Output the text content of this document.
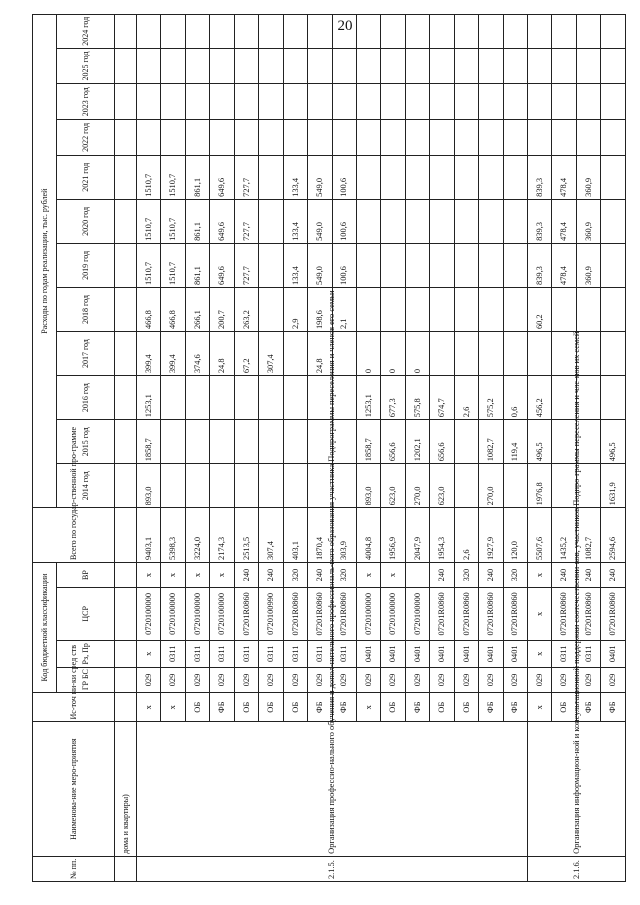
20
№ пп.	Наименова-ние меро-приятия	Ис-точ ни-ки сред ств	Код бюджетной классификации				Всего по государ-ственной про-грамме	Расходы по годам реализации, тыс. рублей											
			ГР БС	Рз, Пр	ЦСР	ВР		2014 год	2015 год	2016 год	2017 год	2018 год	2019 год	2020 год	2021 год	2022 год	2023 год	2025 год	2024 год
	дома и квартиры)																		
2.1.5.	Организация профессио-нального обучения и допол-нительного профессиональ-ного образования участника Подпрограммы переселения и членов его семьи	х	029	х	0720100000	х	9403,1	893,0	1858,7	1253,1	399,4	466,8	1510,7	1510,7	1510,7				
		х	029	0311	0720100000	х	5398,3				399,4	466,8	1510,7	1510,7	1510,7				
		ОБ	029	0311	0720100000	х	3224,0				374,6	266,1	861,1	861,1	861,1				
		ФБ	029	0311	0720100000	х	2174,3				24,8	200,7	649,6	649,6	649,6				
		ОБ	029	0311	07201R0860	240	2513,5				67,2	263,2	727,7	727,7	727,7				
		ОБ	029	0311	0720100990	240	307,4				307,4								
		ОБ	029	0311	07201R0860	320	403,1					2,9	133,4	133,4	133,4				
		ФБ	029	0311	07201R0860	240	1870,4				24,8	198,6	549,0	549,0	549,0				
		ФБ	029	0311	07201R0860	320	303,9					2,1	100,6	100,6	100,6				
		х	029	0401	0720100000	х	4004,8	893,0	1858,7	1253,1	0								
		ОБ	029	0401	0720100000	х	1956,9	623,0	656,6	677,3	0								
		ФБ	029	0401	0720100000		2047,9	270,0	1202,1	575,8	0								
		ОБ	029	0401	07201R0860	240	1954,3	623,0	656,6	674,7									
		ОБ	029	0401	07201R0860	320	2,6			2,6									
		ФБ	029	0401	07201R0860	240	1927,9	270,0	1082,7	575,2									
		ФБ	029	0401	07201R0860	320	120,0		119,4	0,6									
2.1.6.	Организация информацион-ной и консультационной поддержки соотечественни-ков, участников Подпро-граммы переселения и чле-нов их семей	х	029	х	х	х	5507,6	1976,8	496,5	456,2		60,2	839,3	839,3	839,3				
		ОБ	029	0311	07201R0860	240	1435,2						478,4	478,4	478,4				
		ФБ	029	0311	07201R0860	240	1082,7						360,9	360,9	360,9				
		ФБ	029	0401	07201R0860	240	2594,6	1631,9	496,5										
